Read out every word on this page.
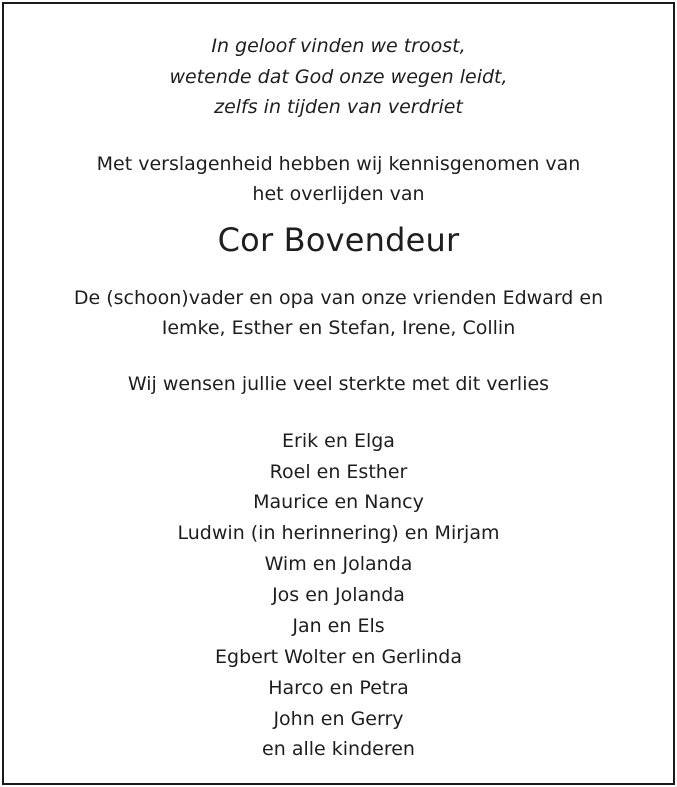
In geloof vinden we troost,
wetende dat God onze wegen leidt,
zelfs in tijden van verdriet
Met verslagenheid hebben wij kennisgenomen van
het overlijden van
Cor Bovendeur
De (schoon)vader en opa van onze vrienden Edward en
Iemke, Esther en Stefan, Irene, Collin
Wij wensen jullie veel sterkte met dit verlies
Erik en Elga
Roel en Esther
Maurice en Nancy
Ludwin (in herinnering) en Mirjam
Wim en Jolanda
Jos en Jolanda
Jan en Els
Egbert Wolter en Gerlinda
Harco en Petra
John en Gerry
en alle kinderen
